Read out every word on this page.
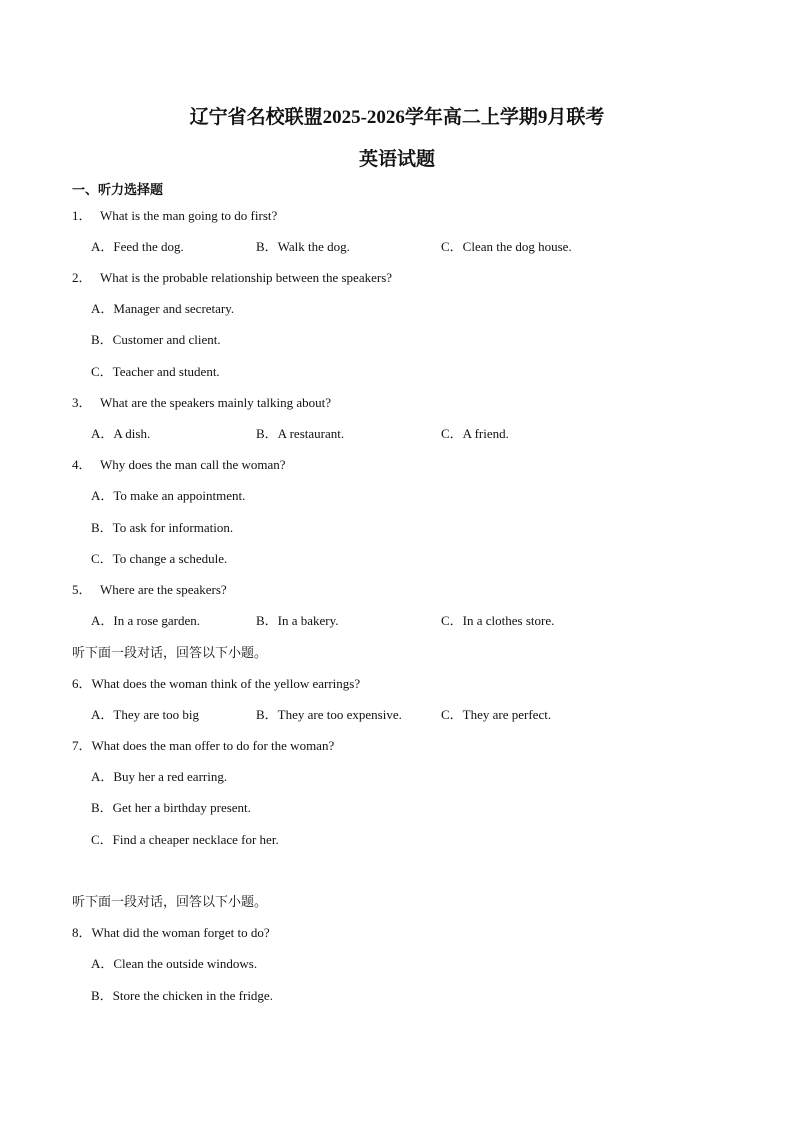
辽宁省名校联盟2025-2026学年高二上学期9月联考
英语试题
一、听力选择题
1． What is the man going to do first?
A．Feed the dog.	B．Walk the dog.	C．Clean the dog house.
2． What is the probable relationship between the speakers?
A．Manager and secretary.
B．Customer and client.
C．Teacher and student.
3． What are the speakers mainly talking about?
A．A dish.	B．A restaurant.	C．A friend.
4． Why does the man call the woman?
A．To make an appointment.
B．To ask for information.
C．To change a schedule.
5． Where are the speakers?
A．In a rose garden.	B．In a bakery.	C．In a clothes store.
听下面一段对话，回答以下小题。
6．What does the woman think of the yellow earrings?
A．They are too big	B．They are too expensive.	C．They are perfect.
7．What does the man offer to do for the woman?
A．Buy her a red earring.
B．Get her a birthday present.
C．Find a cheaper necklace for her.
听下面一段对话，回答以下小题。
8．What did the woman forget to do?
A．Clean the outside windows.
B．Store the chicken in the fridge.
